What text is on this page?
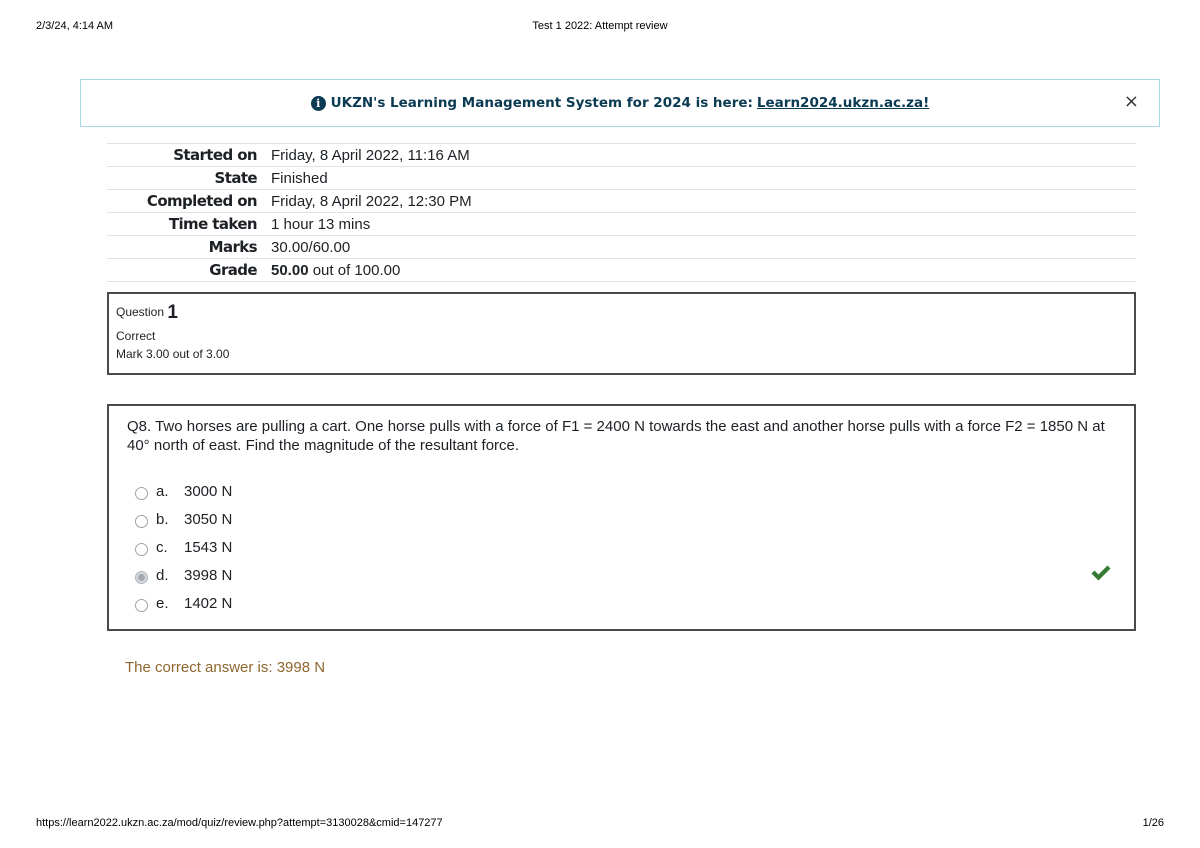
2/3/24, 4:14 AM	Test 1 2022: Attempt review
i UKZN's Learning Management System for 2024 is here: Learn2024.ukzn.ac.za!	×
Started on	Friday, 8 April 2022, 11:16 AM
State	Finished
Completed on	Friday, 8 April 2022, 12:30 PM
Time taken	1 hour 13 mins
Marks	30.00/60.00
Grade	50.00 out of 100.00
Question 1
Correct
Mark 3.00 out of 3.00
Q8. Two horses are pulling a cart. One horse pulls with a force of F1 = 2400 N towards the east and another horse pulls with a force F2 = 1850 N at 40° north of east. Find the magnitude of the resultant force.
a.	3000 N
b.	3050 N
c.	1543 N
d.	3998 N
e.	1402 N
The correct answer is: 3998 N
https://learn2022.ukzn.ac.za/mod/quiz/review.php?attempt=3130028&cmid=147277	1/26
